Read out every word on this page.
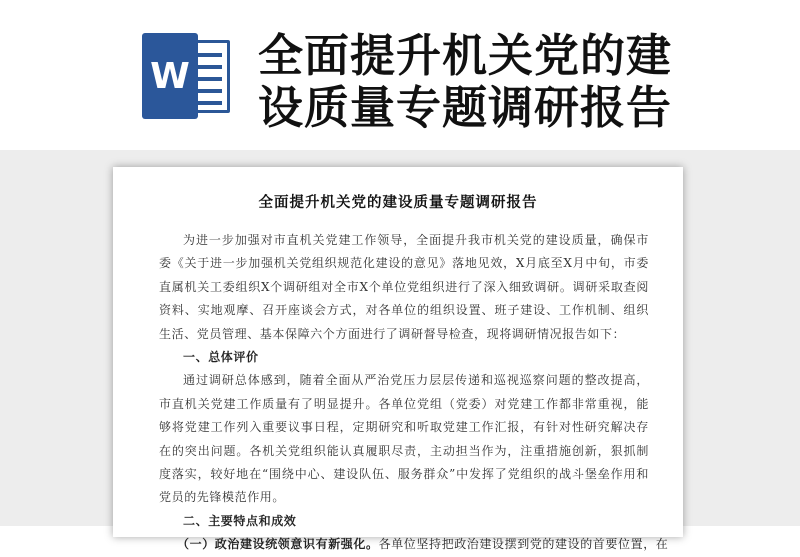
W 全面提升机关党的建
设质量专题调研报告
全面提升机关党的建设质量专题调研报告

为进一步加强对市直机关党建工作领导，全面提升我市机关党的建设质量，确保市委《关于进一步加强机关党组织规范化建设的意见》落地见效，X月底至X月中旬，市委直属机关工委组织X个调研组对全市X个单位党组织进行了深入细致调研。调研采取查阅资料、实地观摩、召开座谈会方式，对各单位的组织设置、班子建设、工作机制、组织生活、党员管理、基本保障六个方面进行了调研督导检查，现将调研情况报告如下：

一、总体评价

通过调研总体感到，随着全面从严治党压力层层传递和巡视巡察问题的整改提高，市直机关党建工作质量有了明显提升。各单位党组（党委）对党建工作都非常重视，能够将党建工作列入重要议事日程，定期研究和听取党建工作汇报，有针对性研究解决存在的突出问题。各机关党组织能认真履职尽责，主动担当作为，注重措施创新，狠抓制度落实，较好地在“围绕中心、建设队伍、服务群众”中发挥了党组织的战斗堡垒作用和党员的先锋模范作用。

二、主要特点和成效
（一）政治建设统领意识有新强化。各单位坚持把政治建设摆到党的建设的首要位置，在
